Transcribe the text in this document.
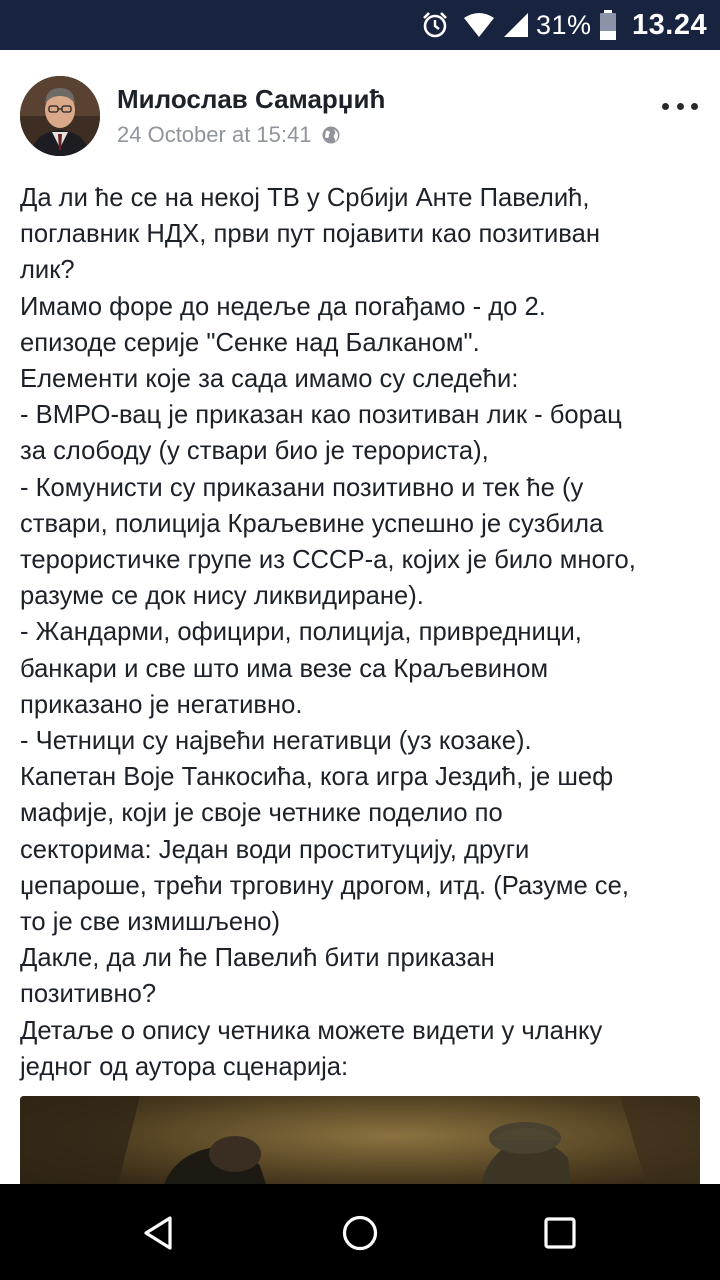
31% 13.24
Милослав Самарџић
24 October at 15:41
Да ли ће се на некој ТВ у Србији Анте Павелић,
поглавник НДХ, први пут појавити као позитиван
лик?
Имамо форе до недеље да погађамо - до 2.
епизоде серије "Сенке над Балканом".
Елементи које за сада имамо су следећи:
- ВМРО-вац је приказан као позитиван лик - борац
за слободу (у ствари био је терориста),
- Комунисти су приказани позитивно и тек ће (у
ствари, полиција Краљевине успешно је сузбила
терористичке групе из СССР-а, којих је било много,
разуме се док нису ликвидиране).
- Жандарми, официри, полиција, привредници,
банкари и све што има везе са Краљевином
приказано је негативно.
- Четници су највећи негативци (уз козаке).
Капетан Воје Танкосића, кога игра Јездић, је шеф
мафије, који је своје четнике поделио по
секторима: Један води проституцију, други
џепароше, трећи трговину дрогом, итд. (Разуме се,
то је све измишљено)
Дакле, да ли ће Павелић бити приказан
позитивно?
Детаље о опису четника можете видети у чланку
једног од аутора сценарија:
